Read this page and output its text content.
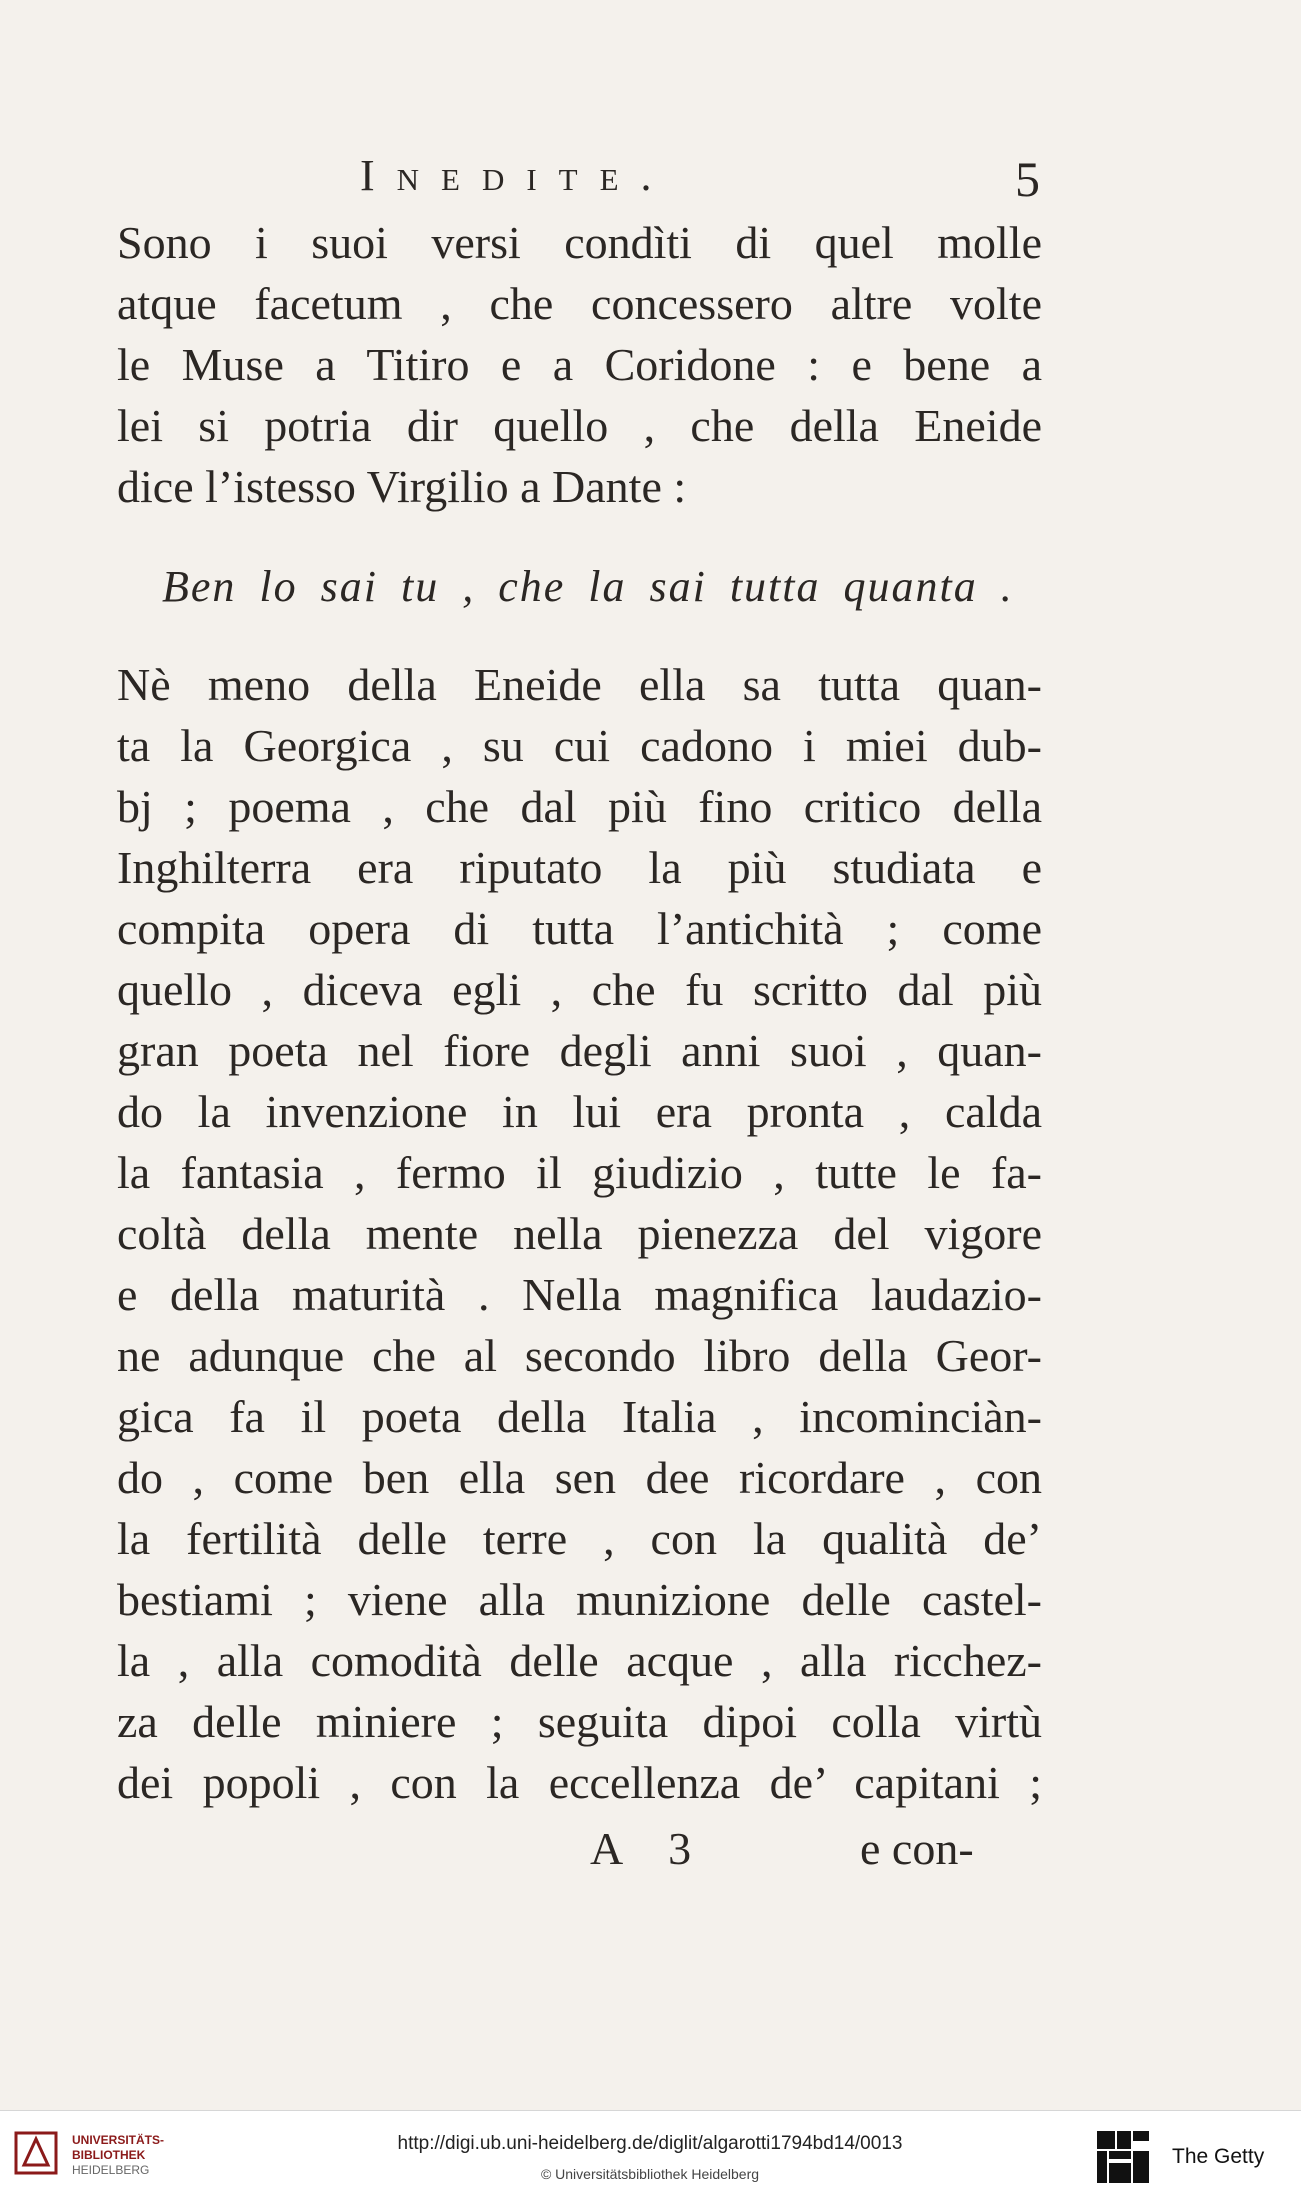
Inedite.	5
Sono i suoi versi condìti di quel molle
atque facetum , che concessero altre volte
le Muse a Titiro e a Coridone : e bene a
lei si potria dir quello , che della Eneide
dice l’istesso Virgilio a Dante :
Ben lo sai tu , che la sai tutta quanta .
Nè meno della Eneide ella sa tutta quan-
ta la Georgica , su cui cadono i miei dub-
bj ; poema , che dal più fino critico della
Inghilterra era riputato la più studiata e
compita opera di tutta l’antichità ; come
quello , diceva egli , che fu scritto dal più
gran poeta nel fiore degli anni suoi , quan-
do la invenzione in lui era pronta , calda
la fantasia , fermo il giudizio , tutte le fa-
coltà della mente nella pienezza del vigore
e della maturità . Nella magnifica laudazio-
ne adunque che al secondo libro della Geor-
gica fa il poeta della Italia , incominciàn-
do , come ben ella sen dee ricordare , con
la fertilità delle terre , con la qualità de’
bestiami ; viene alla munizione delle castel-
la , alla comodità delle acque , alla ricchez-
za delle miniere ; seguita dipoi colla virtù
dei popoli , con la eccellenza de’ capitani ;
A 3	e con-
UNIVERSITÄTS-
BIBLIOTHEK
HEIDELBERG
http://digi.ub.uni-heidelberg.de/diglit/algarotti1794bd14/0013
© Universitätsbibliothek Heidelberg
The Getty
